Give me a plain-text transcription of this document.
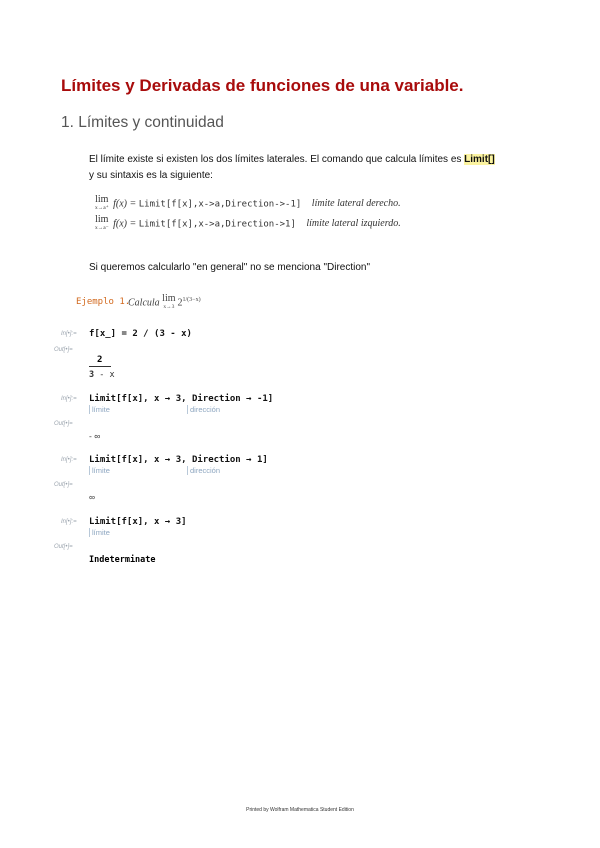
Límites y Derivadas de funciones de una variable.
1. Límites y continuidad
El límite existe si existen los dos límites laterales. El comando que calcula límites es Limit[]
y su sintaxis es la siguiente:
lim
x→a⁺ f(x) = Limit[f[x],x->a,Direction->-1] límite lateral derecho.
lim
x→a⁻ f(x) = Limit[f[x],x->a,Direction->1] límite lateral izquierdo.
Si queremos calcularlo "en general" no se menciona "Direction"
Ejemplo 1.
Calcula lim
x→3 $2^{1/(3-x)}$
In[•]:= f[x_] = 2 / (3 - x)
Out[•]=
2
3 - x
In[•]:= Limit[f[x], x → 3, Direction → -1]
límite	dirección
Out[•]=
- ∞
In[•]:= Limit[f[x], x → 3, Direction → 1]
límite	dirección
Out[•]=
∞
In[•]:= Limit[f[x], x → 3]
límite
Out[•]=
Indeterminate
Printed by Wolfram Mathematica Student Edition
